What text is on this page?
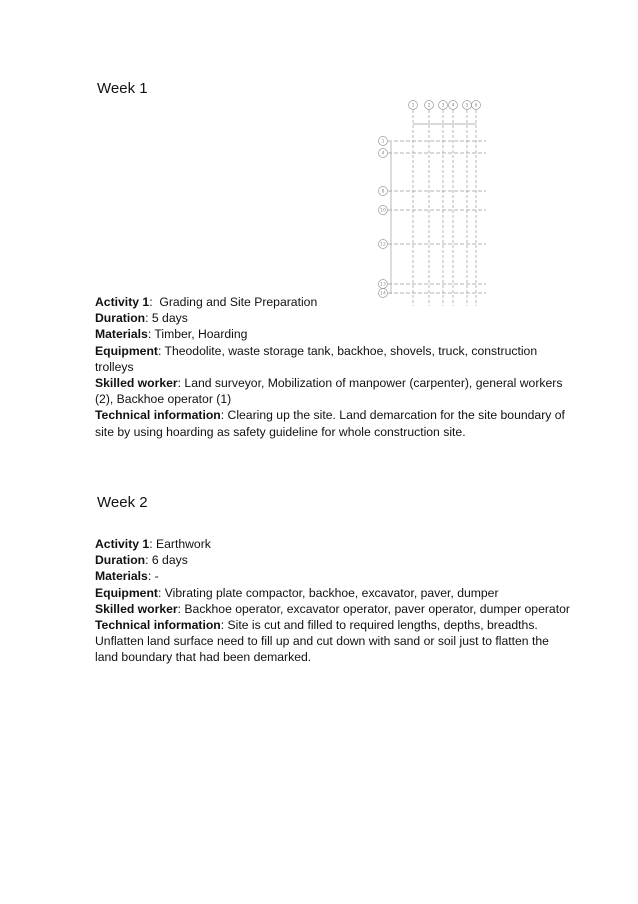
Week 1
1	2 3 4 5 6
1
4
8
10
12
13
14
Activity 1:  Grading and Site Preparation
Duration: 5 days
Materials: Timber, Hoarding
Equipment: Theodolite, waste storage tank, backhoe, shovels, truck, construction trolleys
Skilled worker: Land surveyor, Mobilization of manpower (carpenter), general workers (2), Backhoe operator (1)
Technical information: Clearing up the site. Land demarcation for the site boundary of site by using hoarding as safety guideline for whole construction site.
Week 2
Activity 1: Earthwork
Duration: 6 days
Materials: -
Equipment: Vibrating plate compactor, backhoe, excavator, paver, dumper
Skilled worker: Backhoe operator, excavator operator, paver operator, dumper operator
Technical information: Site is cut and filled to required lengths, depths, breadths. Unflatten land surface need to fill up and cut down with sand or soil just to flatten the land boundary that had been demarked.
